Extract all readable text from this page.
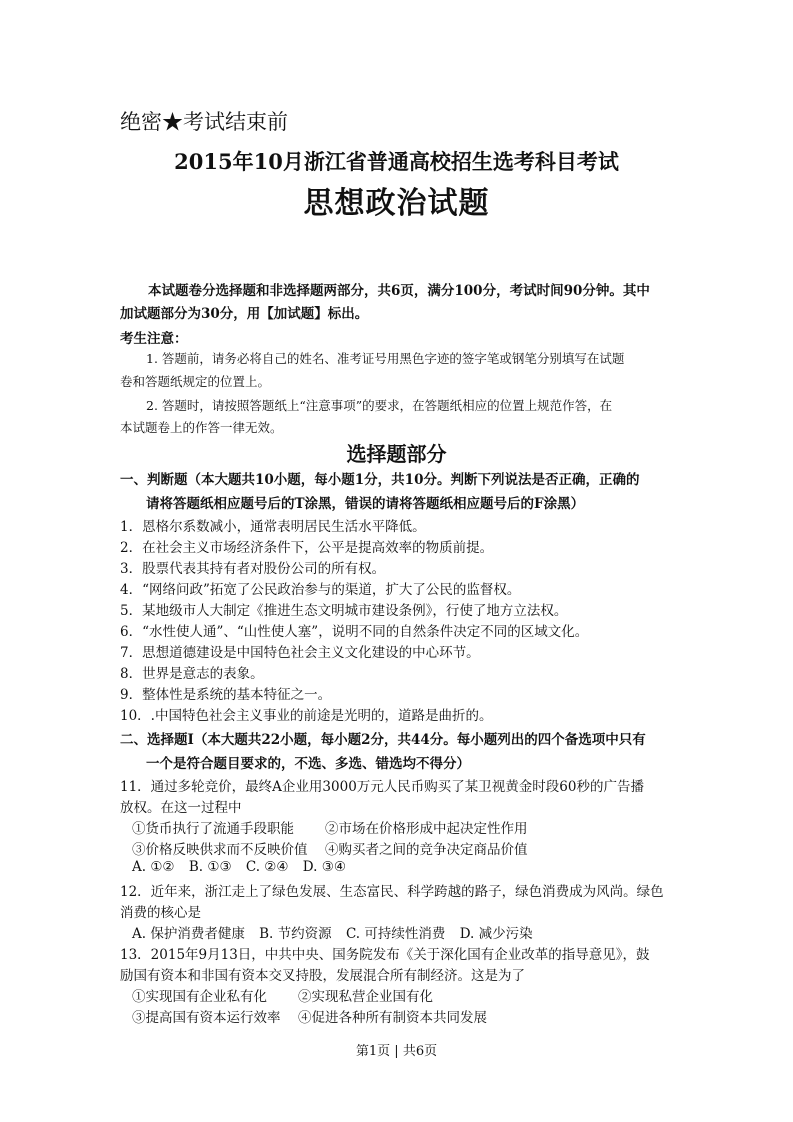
绝密★考试结束前
2015年10月浙江省普通高校招生选考科目考试
思想政治试题
本试题卷分选择题和非选择题两部分，共6页，满分100分，考试时间90分钟。其中
加试题部分为30分，用【加试题】标出。
考生注意：
1. 答题前，请务必将自己的姓名、准考证号用黑色字迹的签字笔或钢笔分别填写在试题
卷和答题纸规定的位置上。
2. 答题时，请按照答题纸上“注意事项”的要求，在答题纸相应的位置上规范作答，在
本试题卷上的作答一律无效。
选择题部分
一、判断题（本大题共10小题，每小题1分，共10分。判断下列说法是否正确，正确的
请将答题纸相应题号后的T涂黑，错误的请将答题纸相应题号后的F涂黑）
1．恩格尔系数减小，通常表明居民生活水平降低。
2．在社会主义市场经济条件下，公平是提高效率的物质前提。
3．股票代表其持有者对股份公司的所有权。
4．“网络问政”拓宽了公民政治参与的渠道，扩大了公民的监督权。
5．某地级市人大制定《推进生态文明城市建设条例》，行使了地方立法权。
6．“水性使人通”、“山性使人塞”，说明不同的自然条件决定不同的区域文化。
7．思想道德建设是中国特色社会主义文化建设的中心环节。
8．世界是意志的表象。
9．整体性是系统的基本特征之一。
10．.中国特色社会主义事业的前途是光明的，道路是曲折的。
二、选择题Ⅰ（本大题共22小题，每小题2分，共44分。每小题列出的四个备选项中只有
一个是符合题目要求的，不选、多选、错选均不得分）
11．通过多轮竞价，最终A企业用3000万元人民币购买了某卫视黄金时段60秒的广告播
放权。在这一过程中
①货币执行了流通手段职能 ②市场在价格形成中起决定性作用
③价格反映供求而不反映价值 ④购买者之间的竞争决定商品价值
A. ①② B. ①③ C. ②④ D. ③④
12．近年来，浙江走上了绿色发展、生态富民、科学跨越的路子，绿色消费成为风尚。绿色
消费的核心是
A. 保护消费者健康 B. 节约资源 C. 可持续性消费 D. 减少污染
13．2015年9月13日，中共中央、国务院发布《关于深化国有企业改革的指导意见》，鼓
励国有资本和非国有资本交叉持股，发展混合所有制经济。这是为了
①实现国有企业私有化 ②实现私营企业国有化
③提高国有资本运行效率 ④促进各种所有制资本共同发展
第1页 | 共6页
